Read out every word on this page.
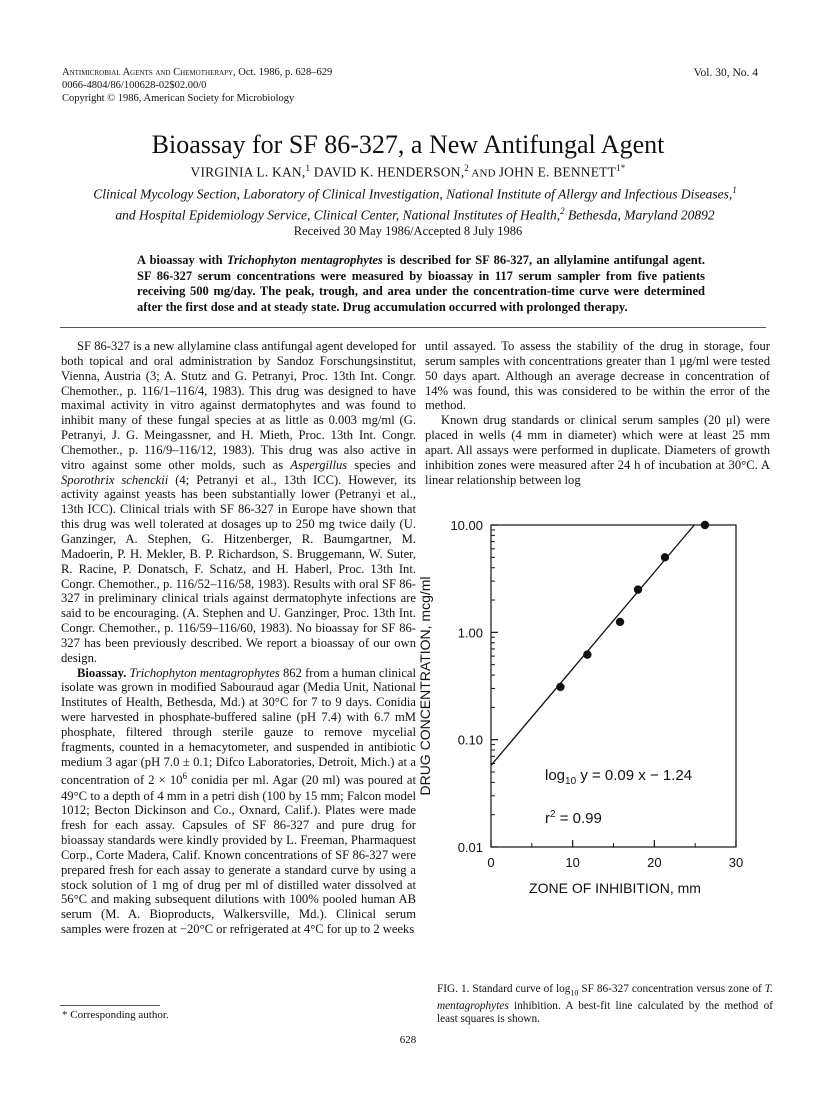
Antimicrobial Agents and Chemotherapy, Oct. 1986, p. 628–629
0066-4804/86/100628-02$02.00/0
Copyright © 1986, American Society for Microbiology
Vol. 30, No. 4
Bioassay for SF 86-327, a New Antifungal Agent
VIRGINIA L. KAN,$^1$ DAVID K. HENDERSON,$^2$ AND JOHN E. $BENNETT^{1*}$
Clinical Mycology Section, Laboratory of Clinical Investigation, National Institute of Allergy and Infectious Diseases,$^1$
and Hospital Epidemiology Service, Clinical Center, National Institutes of Health,$^2$ Bethesda, Maryland 20892
Received 30 May 1986/Accepted 8 July 1986
A bioassay with Trichophyton mentagrophytes is described for SF 86-327, an allylamine antifungal agent. SF 86-327 serum concentrations were measured by bioassay in 117 serum sampler from five patients receiving 500 mg/day. The peak, trough, and area under the concentration-time curve were determined after the first dose and at steady state. Drug accumulation occurred with prolonged therapy.

SF 86-327 is a new allylamine class antifungal agent developed for both topical and oral administration by Sandoz Forschungsinstitut, Vienna, Austria (3; A. Stutz and G. Petranyi, Proc. 13th Int. Congr. Chemother., p. 116/1–116/4, 1983). This drug was designed to have maximal activity in vitro against dermatophytes and was found to inhibit many of these fungal species at as little as 0.003 mg/ml (G. Petranyi, J. G. Meingassner, and H. Mieth, Proc. 13th Int. Congr. Chemother., p. 116/9–116/12, 1983). This drug was also active in vitro against some other molds, such as Aspergillus species and Sporothrix schenckii (4; Petranyi et al., 13th ICC). However, its activity against yeasts has been substantially lower (Petranyi et al., 13th ICC). Clinical trials with SF 86-327 in Europe have shown that this drug was well tolerated at dosages up to 250 mg twice daily (U. Ganzinger, A. Stephen, G. Hitzenberger, R. Baumgartner, M. Madoerin, P. H. Mekler, B. P. Richardson, S. Bruggemann, W. Suter, R. Racine, P. Donatsch, F. Schatz, and H. Haberl, Proc. 13th Int. Congr. Chemother., p. 116/52–116/58, 1983). Results with oral SF 86-327 in preliminary clinical trials against dermatophyte infections are said to be encouraging. (A. Stephen and U. Ganzinger, Proc. 13th Int. Congr. Chemother., p. 116/59–116/60, 1983). No bioassay for SF 86-327 has been previously described. We report a bioassay of our own design.

Bioassay. Trichophyton mentagrophytes 862 from a human clinical isolate was grown in modified Sabouraud agar (Media Unit, National Institutes of Health, Bethesda, Md.) at 30°C for 7 to 9 days. Conidia were harvested in phosphate-buffered saline (pH 7.4) with 6.7 mM phosphate, filtered through sterile gauze to remove mycelial fragments, counted in a hemacytometer, and suspended in antibiotic medium 3 agar (pH 7.0 ± 0.1; Difco Laboratories, Detroit, Mich.) at a concentration of $2 \times 10^6$ conidia per ml. Agar (20 ml) was poured at 49°C to a depth of 4 mm in a petri dish (100 by 15 mm; Falcon model 1012; Becton Dickinson and Co., Oxnard, Calif.). Plates were made fresh for each assay. Capsules of SF 86-327 and pure drug for bioassay standards were kindly provided by L. Freeman, Pharmaquest Corp., Corte Madera, Calif. Known concentrations of SF 86-327 were prepared fresh for each assay to generate a standard curve by using a stock solution of 1 mg of drug per ml of distilled water dissolved at 56°C and making subsequent dilutions with 100% pooled human AB serum (M. A. Bioproducts, Walkersville, Md.). Clinical serum samples were frozen at −20°C or refrigerated at 4°C for up to 2 weeks

until assayed. To assess the stability of the drug in storage, four serum samples with concentrations greater than 1 μg/ml were tested 50 days apart. Although an average decrease in concentration of 14% was found, this was considered to be within the error of the method.

Known drug standards or clinical serum samples (20 μl) were placed in wells (4 mm in diameter) which were at least 25 mm apart. All assays were performed in duplicate. Diameters of growth inhibition zones were measured after 24 h of incubation at 30°C. A linear relationship between log

0.01
0.10
1.00
10.00
0	10	20	30
$\log_{10} y = 0.09$ x − 1.24
$r^2 = 0.99$
ZONE OF INHIBITION, mm
DRUG CONCENTRATION, mcg/ml
FIG. 1. Standard curve of $\log_{10}$ SF 86-327 concentration versus zone of T. mentagrophytes inhibition. A best-fit line calculated by the method of least squares is shown.
* Corresponding author.
628
